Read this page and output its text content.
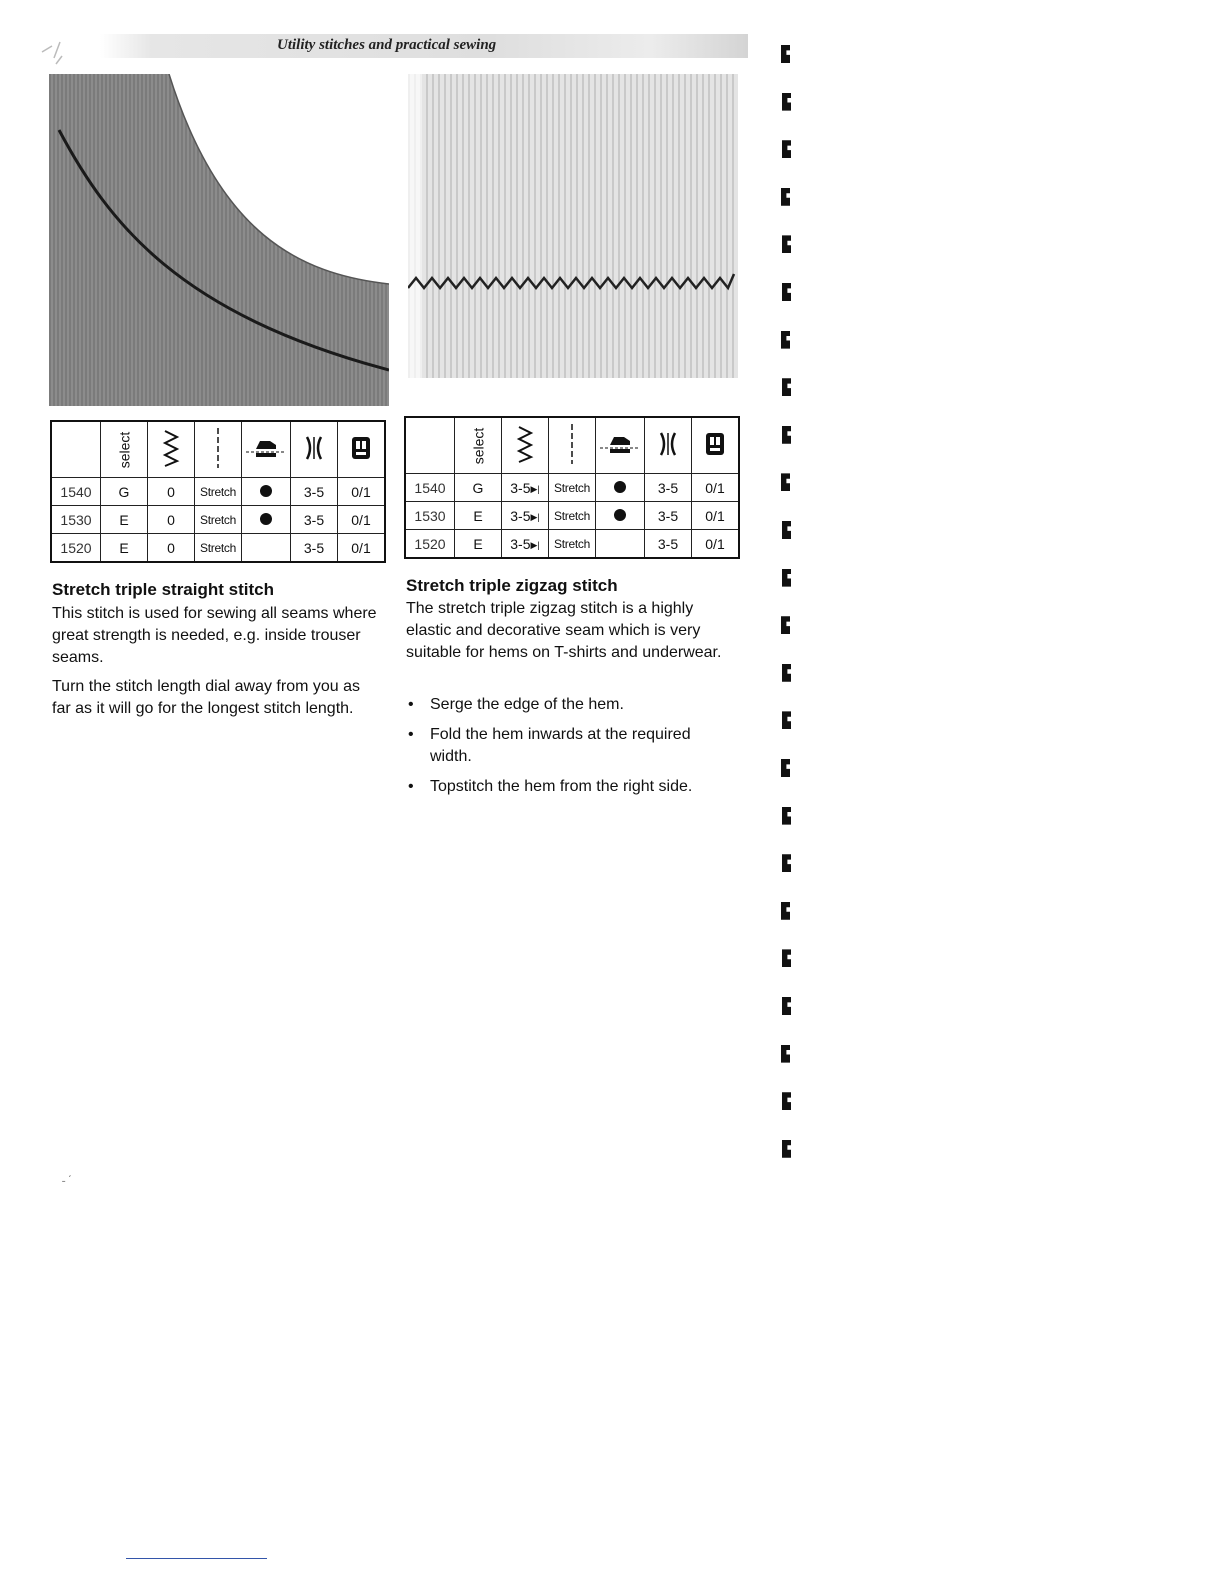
Utility stitches and practical sewing
	select					
1540	G	0	Stretch		3-5	0/1
1530	E	0	Stretch		3-5	0/1
1520	E	0	Stretch		3-5	0/1
	select					
1540	G	3-5▶|	Stretch		3-5	0/1
1530	E	3-5▶|	Stretch		3-5	0/1
1520	E	3-5▶|	Stretch		3-5	0/1
Stretch triple straight stitch

This stitch is used for sewing all seams where great strength is needed, e.g. inside trouser seams.

Turn the stitch length dial away from you as far as it will go for the longest stitch length.

Stretch triple zigzag stitch

The stretch triple zigzag stitch is a highly elastic and decorative seam which is very suitable for hems on T-shirts and underwear.

• Serge the edge of the hem.
• Fold the hem inwards at the required width.
• Topstitch the hem from the right side.
˗ ˊ
